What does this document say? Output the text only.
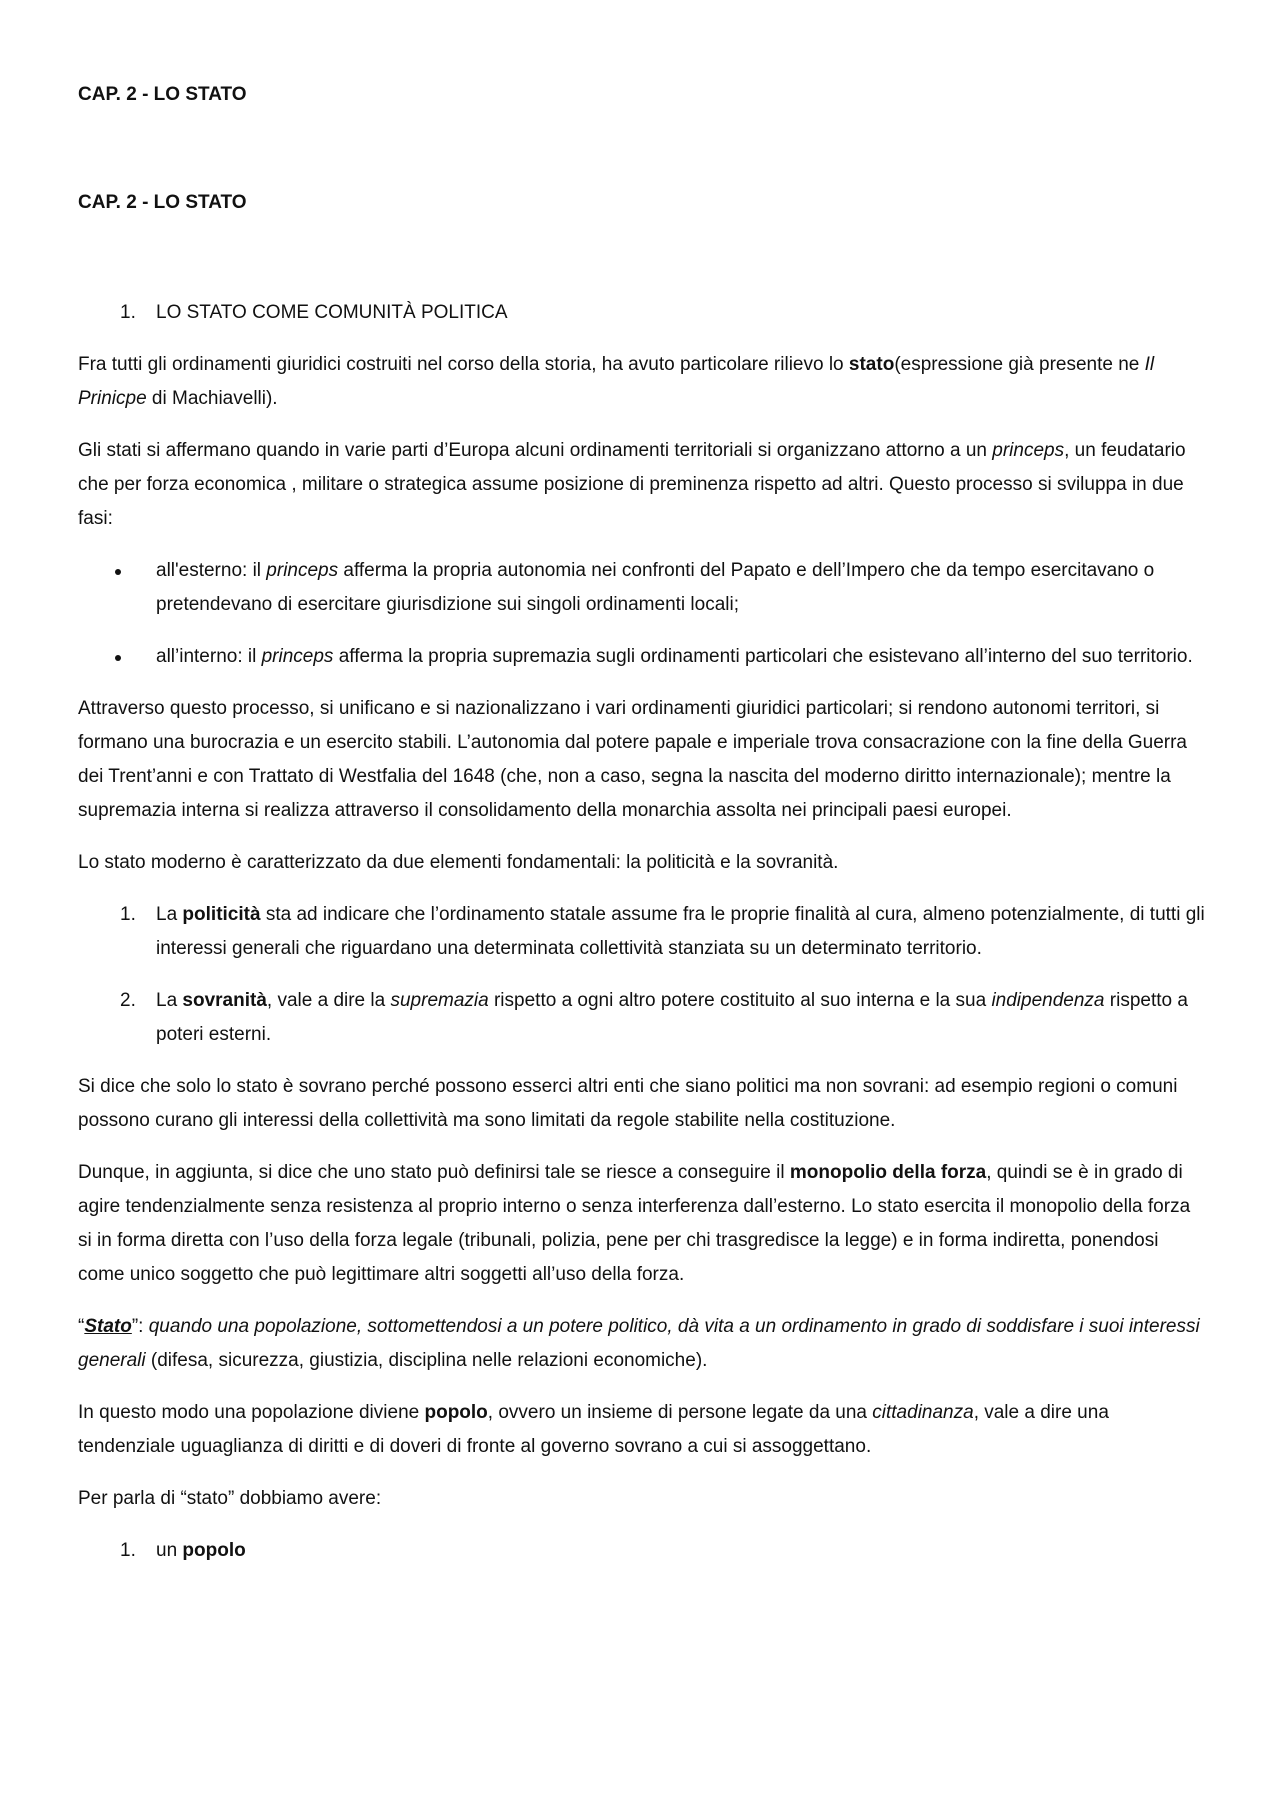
CAP. 2 - LO STATO

CAP. 2 - LO STATO

1. LO STATO COME COMUNITÀ POLITICA

Fra tutti gli ordinamenti giuridici costruiti nel corso della storia, ha avuto particolare rilievo lo stato(espressione già presente ne Il Prinicpe di Machiavelli).

Gli stati si affermano quando in varie parti d’Europa alcuni ordinamenti territoriali si organizzano attorno a un princeps, un feudatario che per forza economica , militare o strategica assume posizione di preminenza rispetto ad altri. Questo processo si sviluppa in due fasi:

all'esterno: il princeps afferma la propria autonomia nei confronti del Papato e dell’Impero che da tempo esercitavano o pretendevano di esercitare giurisdizione sui singoli ordinamenti locali;
all’interno: il princeps afferma la propria supremazia sugli ordinamenti particolari che esistevano all’interno del suo territorio.

Attraverso questo processo, si unificano e si nazionalizzano i vari ordinamenti giuridici particolari; si rendono autonomi territori, si formano una burocrazia e un esercito stabili. L’autonomia dal potere papale e imperiale trova consacrazione con la fine della Guerra dei Trent’anni e con Trattato di Westfalia del 1648 (che, non a caso, segna la nascita del moderno diritto internazionale); mentre la supremazia interna si realizza attraverso il consolidamento della monarchia assolta nei principali paesi europei.

Lo stato moderno è caratterizzato da due elementi fondamentali: la politicità e la sovranità.

1. La politicità sta ad indicare che l’ordinamento statale assume fra le proprie finalità al cura, almeno potenzialmente, di tutti gli interessi generali che riguardano una determinata collettività stanziata su un determinato territorio.
2. La sovranità, vale a dire la supremazia rispetto a ogni altro potere costituito al suo interna e la sua indipendenza rispetto a poteri esterni.

Si dice che solo lo stato è sovrano perché possono esserci altri enti che siano politici ma non sovrani: ad esempio regioni o comuni possono curano gli interessi della collettività ma sono limitati da regole stabilite nella costituzione.

Dunque, in aggiunta, si dice che uno stato può definirsi tale se riesce a conseguire il monopolio della forza, quindi se è in grado di agire tendenzialmente senza resistenza al proprio interno o senza interferenza dall’esterno. Lo stato esercita il monopolio della forza si in forma diretta con l’uso della forza legale (tribunali, polizia, pene per chi trasgredisce la legge) e in forma indiretta, ponendosi come unico soggetto che può legittimare altri soggetti all’uso della forza.

“Stato”: quando una popolazione, sottomettendosi a un potere politico, dà vita a un ordinamento in grado di soddisfare i suoi interessi generali (difesa, sicurezza, giustizia, disciplina nelle relazioni economiche).

In questo modo una popolazione diviene popolo, ovvero un insieme di persone legate da una cittadinanza, vale a dire una tendenziale uguaglianza di diritti e di doveri di fronte al governo sovrano a cui si assoggettano.

Per parla di “stato” dobbiamo avere:

1. un popolo
